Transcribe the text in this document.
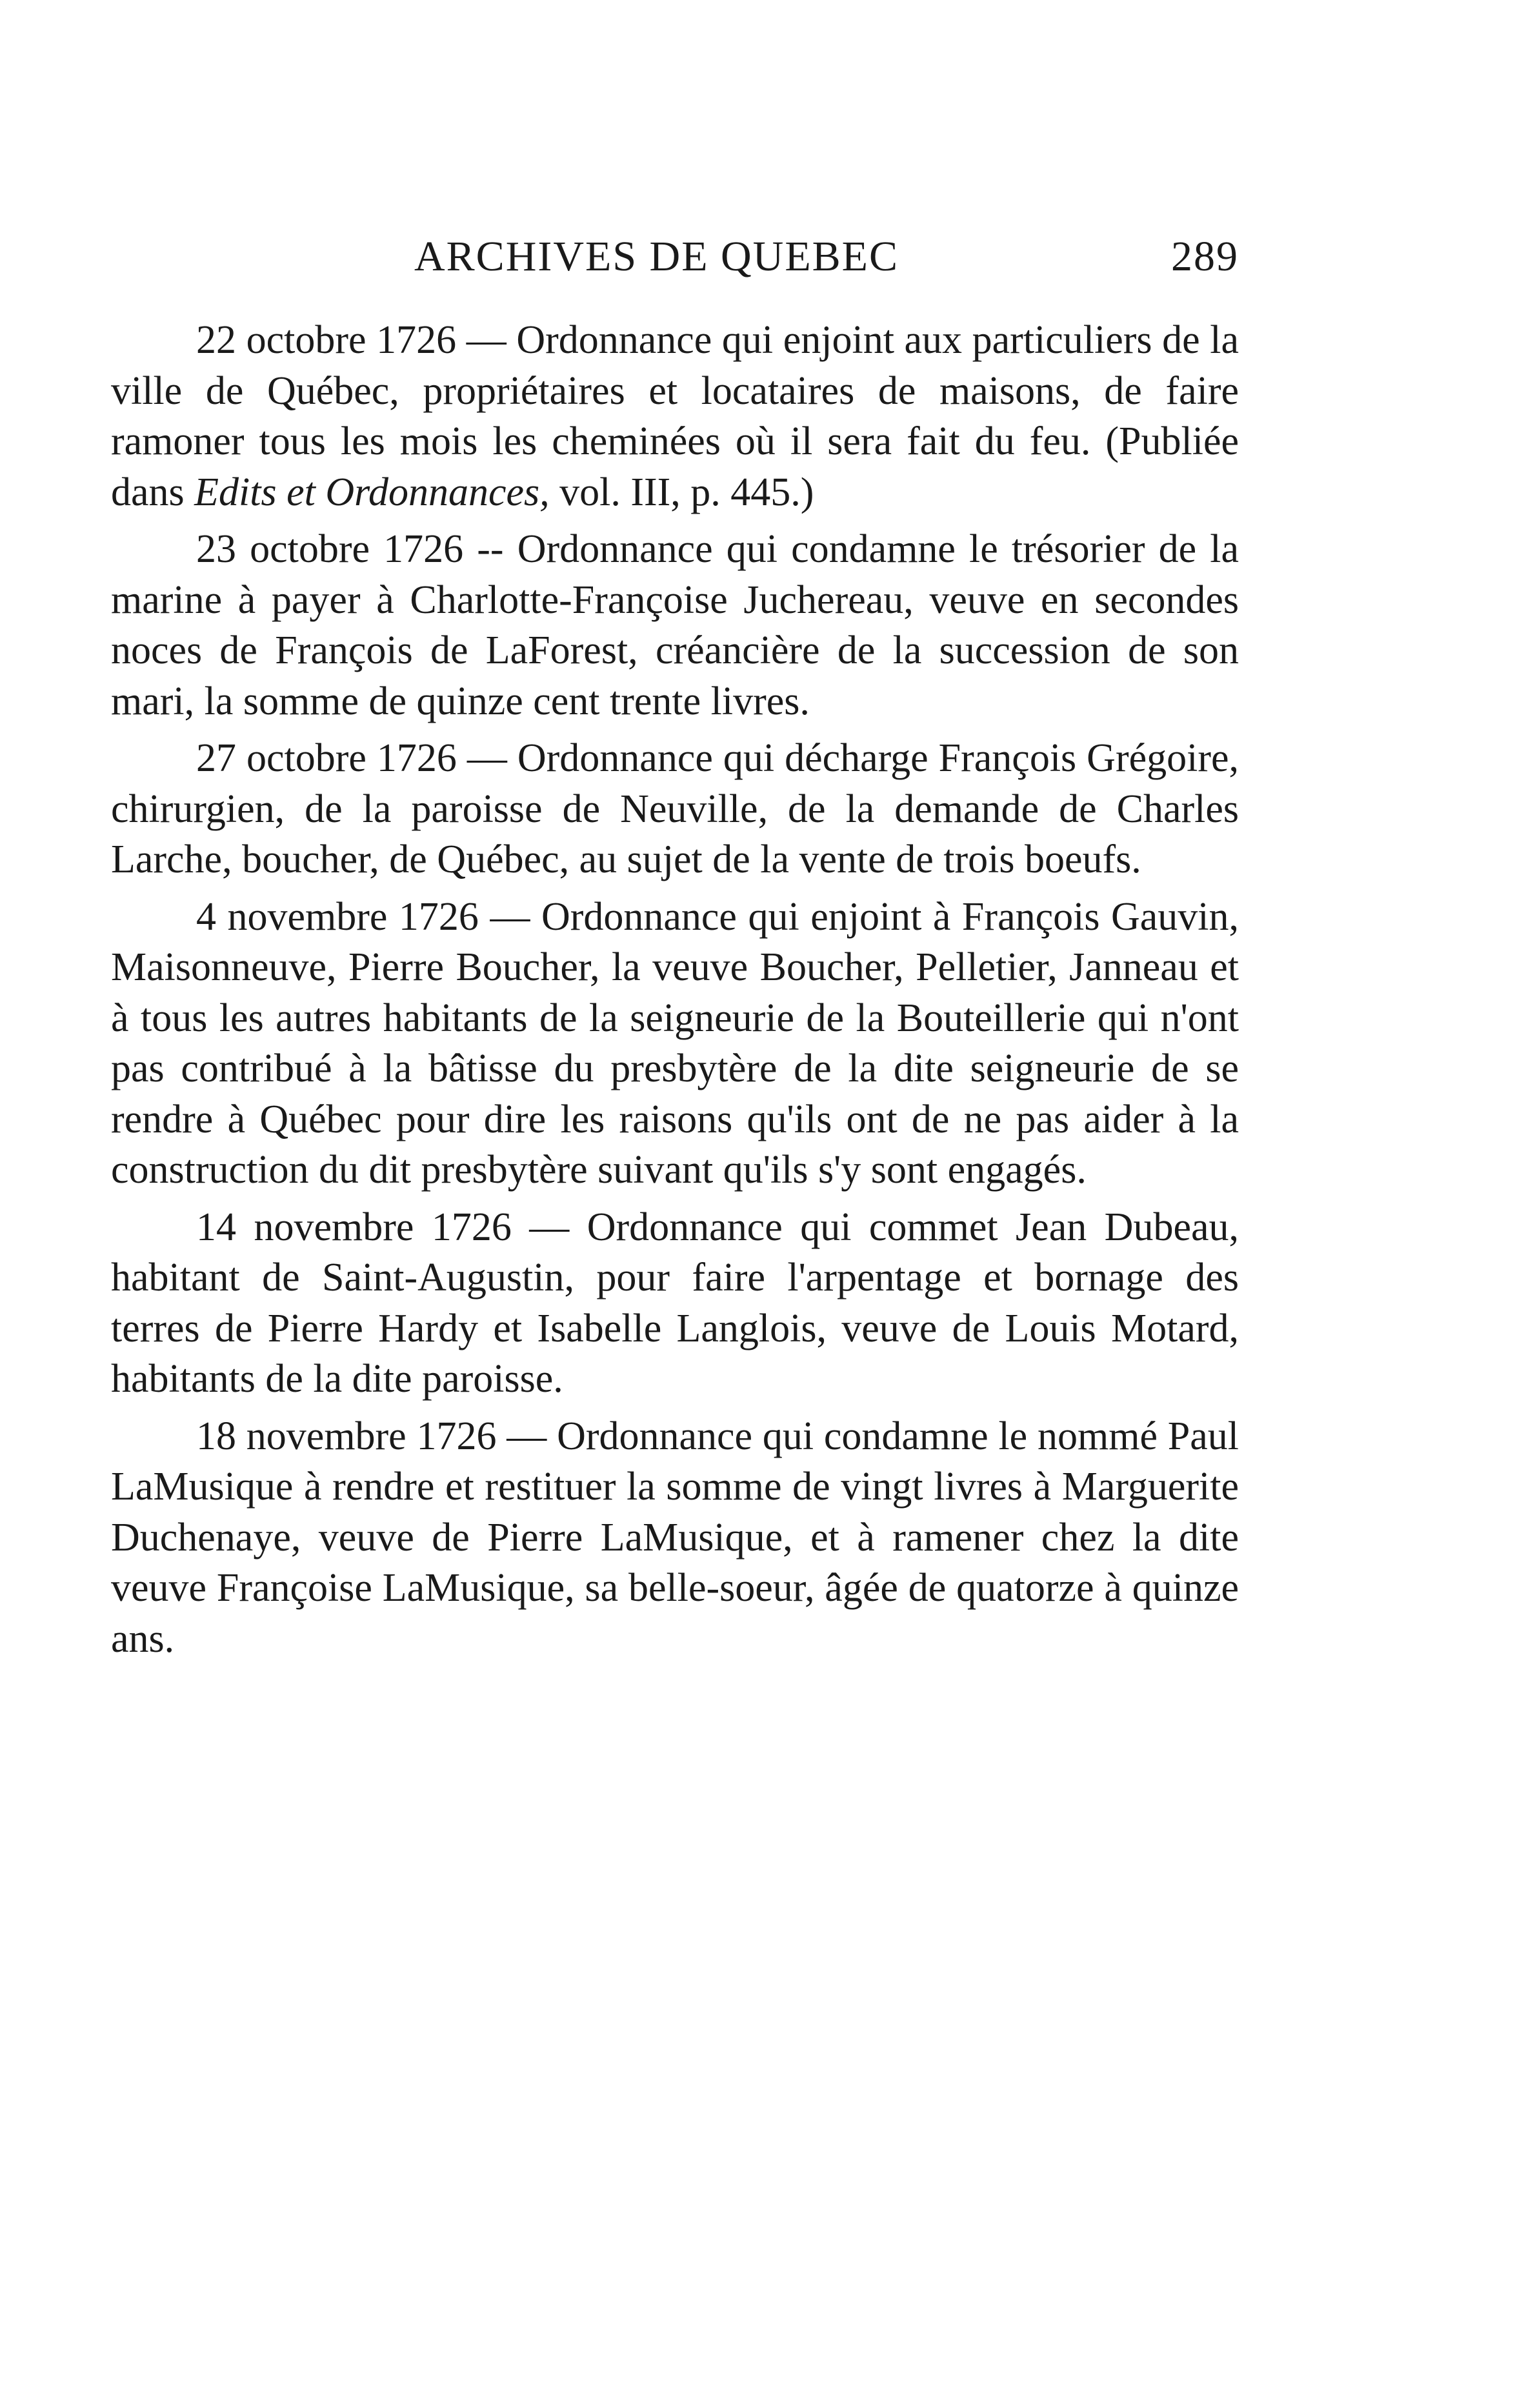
ARCHIVES DE QUEBEC	289

22 octobre 1726 — Ordonnance qui enjoint aux particuliers de la ville de Québec, propriétaires et locataires de maisons, de faire ramoner tous les mois les cheminées où il sera fait du feu. (Publiée dans Edits et Ordonnances, vol. III, p. 445.)

23 octobre 1726 -- Ordonnance qui condamne le trésorier de la marine à payer à Charlotte-Françoise Juchereau, veuve en secondes noces de François de LaForest, créancière de la succession de son mari, la somme de quinze cent trente livres.

27 octobre 1726 — Ordonnance qui décharge François Grégoire, chirurgien, de la paroisse de Neuville, de la demande de Charles Larche, boucher, de Québec, au sujet de la vente de trois boeufs.

4 novembre 1726 — Ordonnance qui enjoint à François Gauvin, Maisonneuve, Pierre Boucher, la veuve Boucher, Pelletier, Janneau et à tous les autres habitants de la seigneurie de la Bouteillerie qui n'ont pas contribué à la bâtisse du presbytère de la dite seigneurie de se rendre à Québec pour dire les raisons qu'ils ont de ne pas aider à la construction du dit presbytère suivant qu'ils s'y sont engagés.

14 novembre 1726 — Ordonnance qui commet Jean Dubeau, habitant de Saint-Augustin, pour faire l'arpentage et bornage des terres de Pierre Hardy et Isabelle Langlois, veuve de Louis Motard, habitants de la dite paroisse.

18 novembre 1726 — Ordonnance qui condamne le nommé Paul LaMusique à rendre et restituer la somme de vingt livres à Marguerite Duchenaye, veuve de Pierre LaMusique, et à ramener chez la dite veuve Françoise LaMusique, sa belle-soeur, âgée de quatorze à quinze ans.
